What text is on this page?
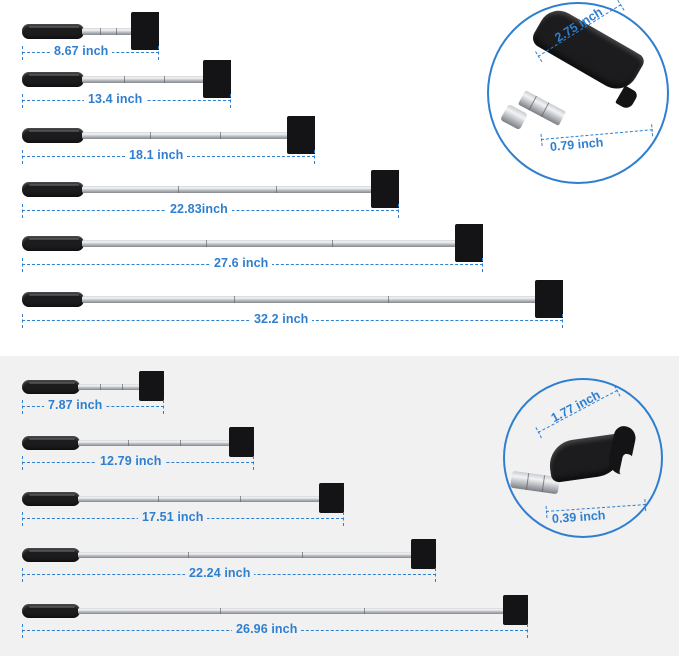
8.67 inch
13.4 inch
18.1 inch
22.83inch
27.6 inch
32.2 inch
2.75 inch
0.79 inch
7.87 inch
12.79 inch
17.51 inch
22.24 inch
26.96 inch
1.77 inch
0.39 inch
